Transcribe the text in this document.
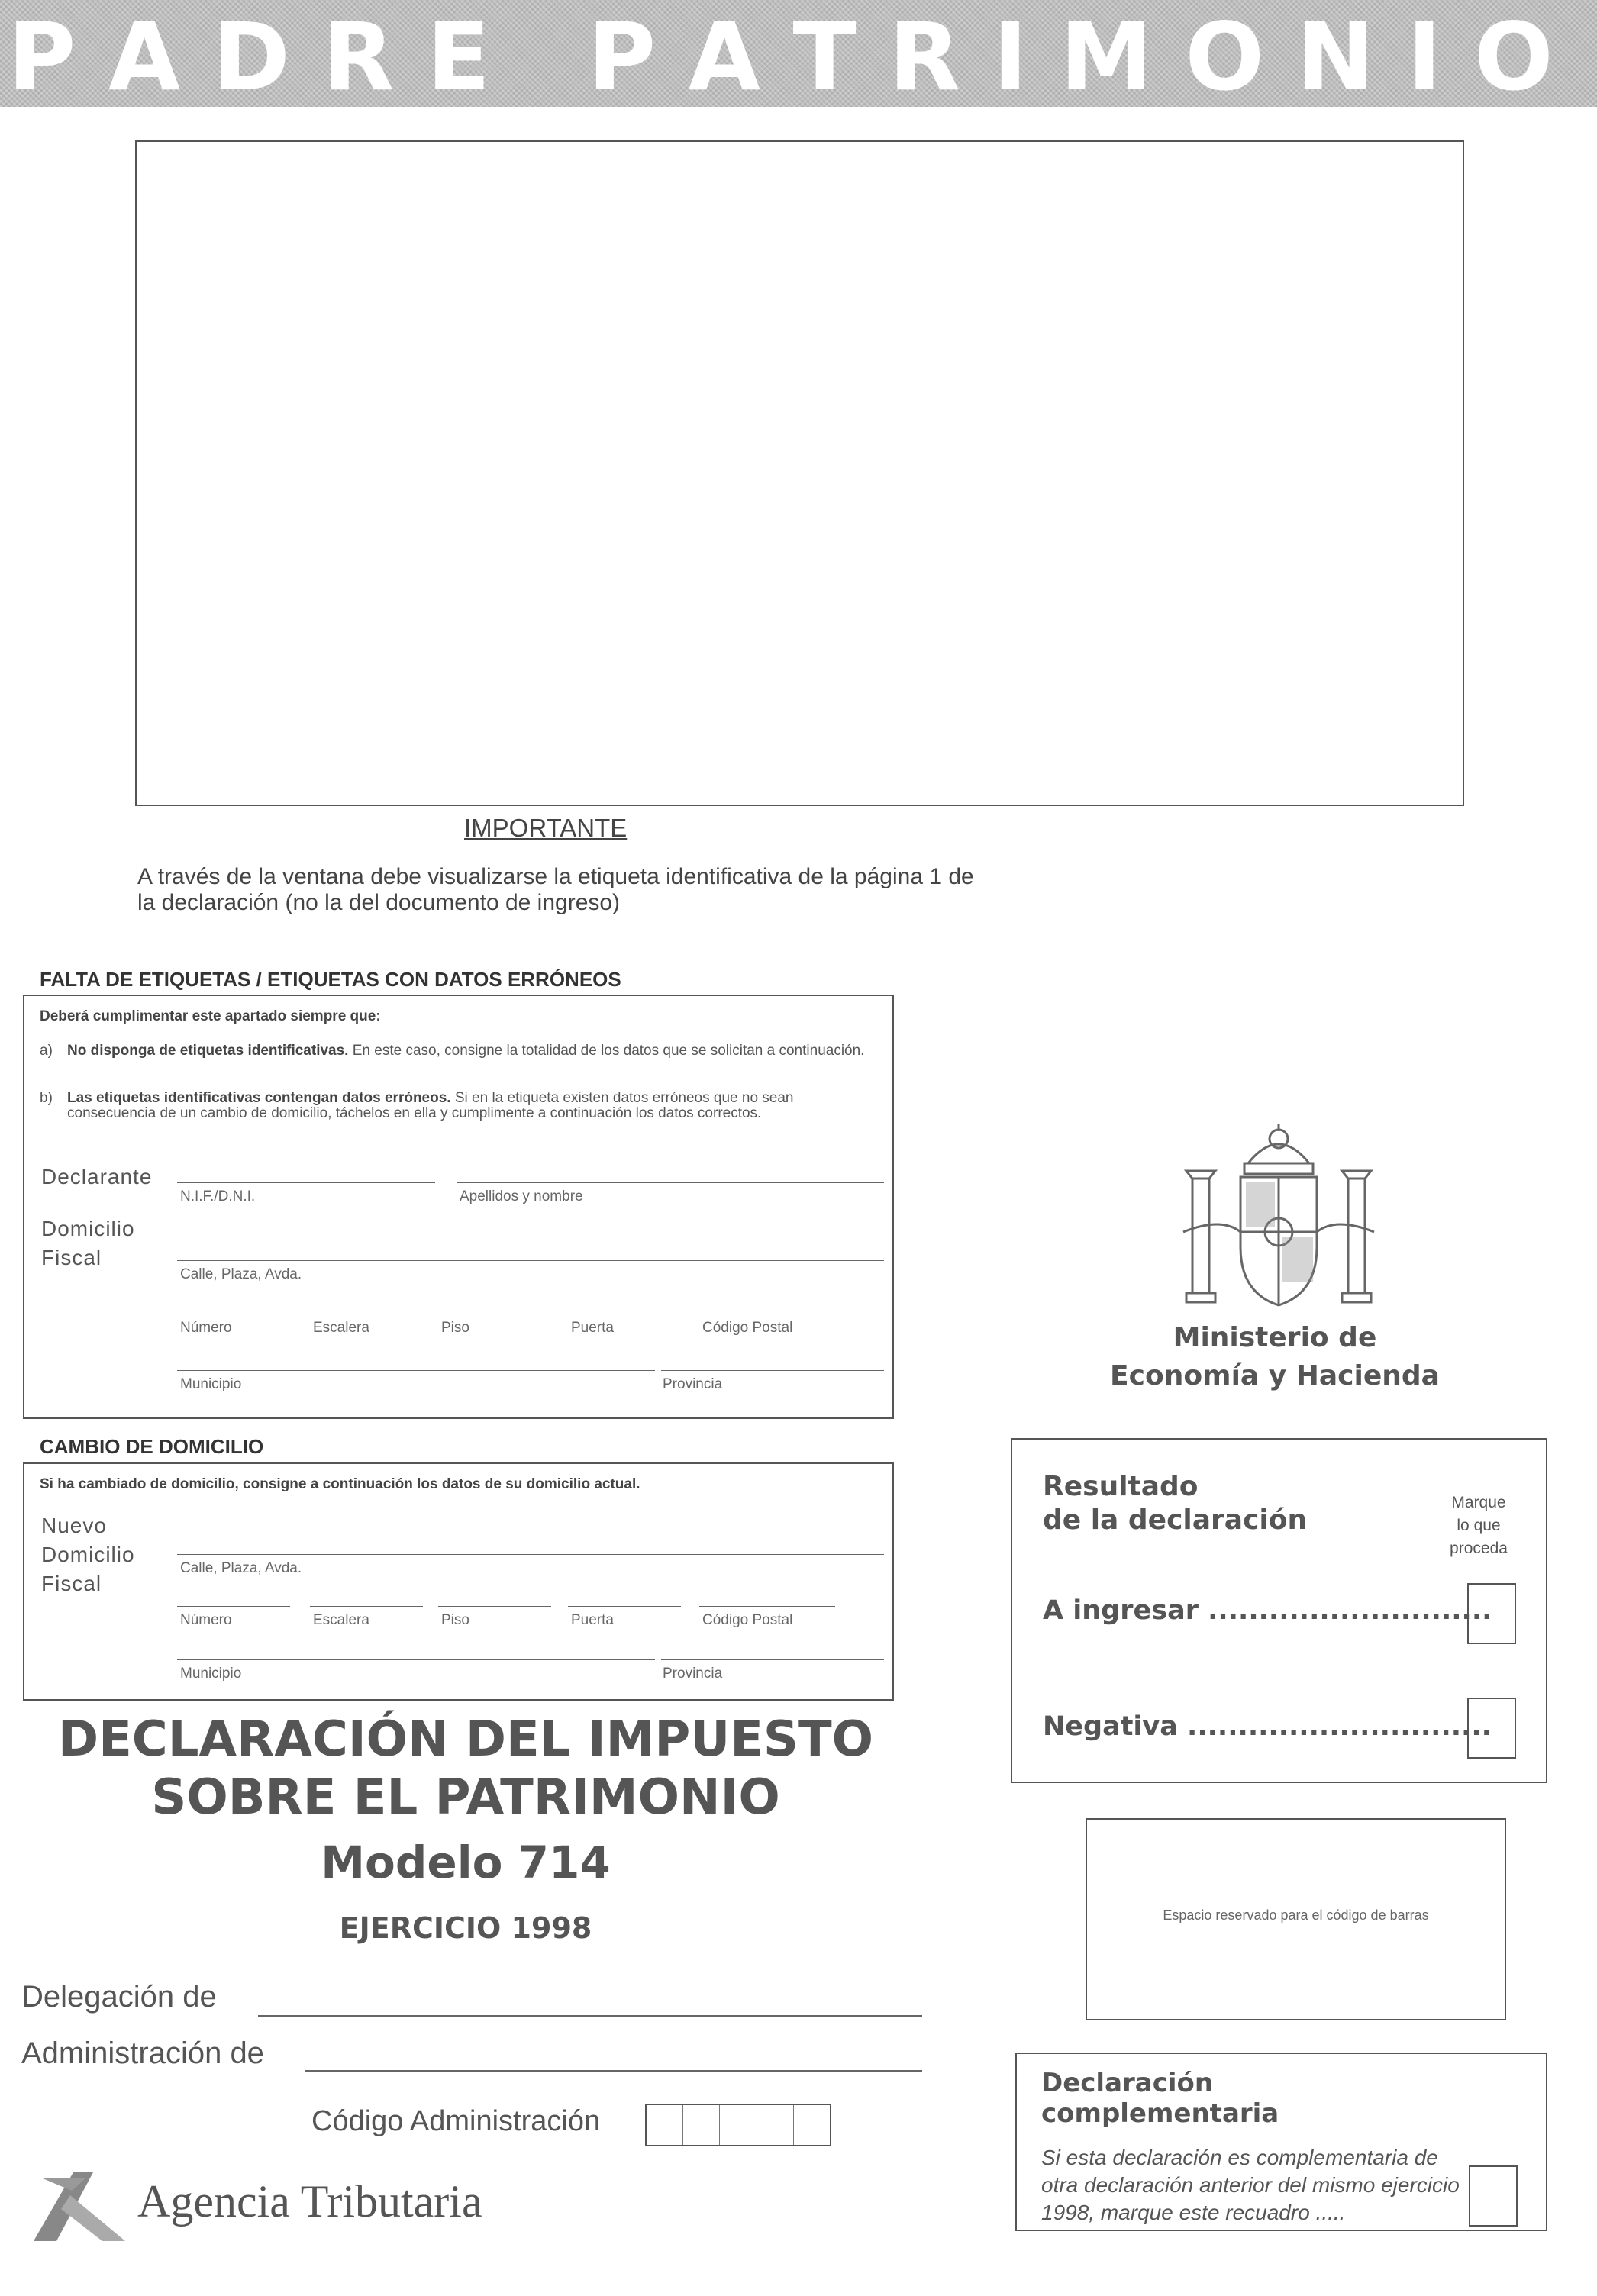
P A D R E   P A T R I M O N I O
IMPORTANTE
A través de la ventana debe visualizarse la etiqueta identificativa de la página 1 de la declaración (no la del documento de ingreso)
FALTA DE ETIQUETAS / ETIQUETAS CON DATOS ERRÓNEOS
Deberá cumplimentar este apartado siempre que:
a) No disponga de etiquetas identificativas. En este caso, consigne la totalidad de los datos que se solicitan a continuación.
b) Las etiquetas identificativas contengan datos erróneos. Si en la etiqueta existen datos erróneos que no sean consecuencia de un cambio de domicilio, táchelos en ella y cumplimente a continuación los datos correctos.
Declarante
N.I.F./D.N.I.	Apellidos y nombre
Domicilio
Fiscal
Calle, Plaza, Avda.
Número	Escalera	Piso	Puerta	Código Postal
Municipio	Provincia
CAMBIO DE DOMICILIO
Si ha cambiado de domicilio, consigne a continuación los datos de su domicilio actual.
Nuevo
Domicilio
Fiscal
Calle, Plaza, Avda.
Número	Escalera	Piso	Puerta	Código Postal
Municipio	Provincia
DECLARACIÓN DEL IMPUESTO
SOBRE EL PATRIMONIO
Modelo 714
EJERCICIO 1998
Delegación de
Administración de
Código Administración
Agencia Tributaria
Ministerio de
Economía y Hacienda
Resultado
de la declaración
Marque
lo que
proceda
A ingresar ............................
Negativa ..............................
Espacio reservado para el código de barras
Declaración
complementaria
Si esta declaración es complementaria de otra declaración anterior del mismo ejercicio 1998, marque este recuadro .....
